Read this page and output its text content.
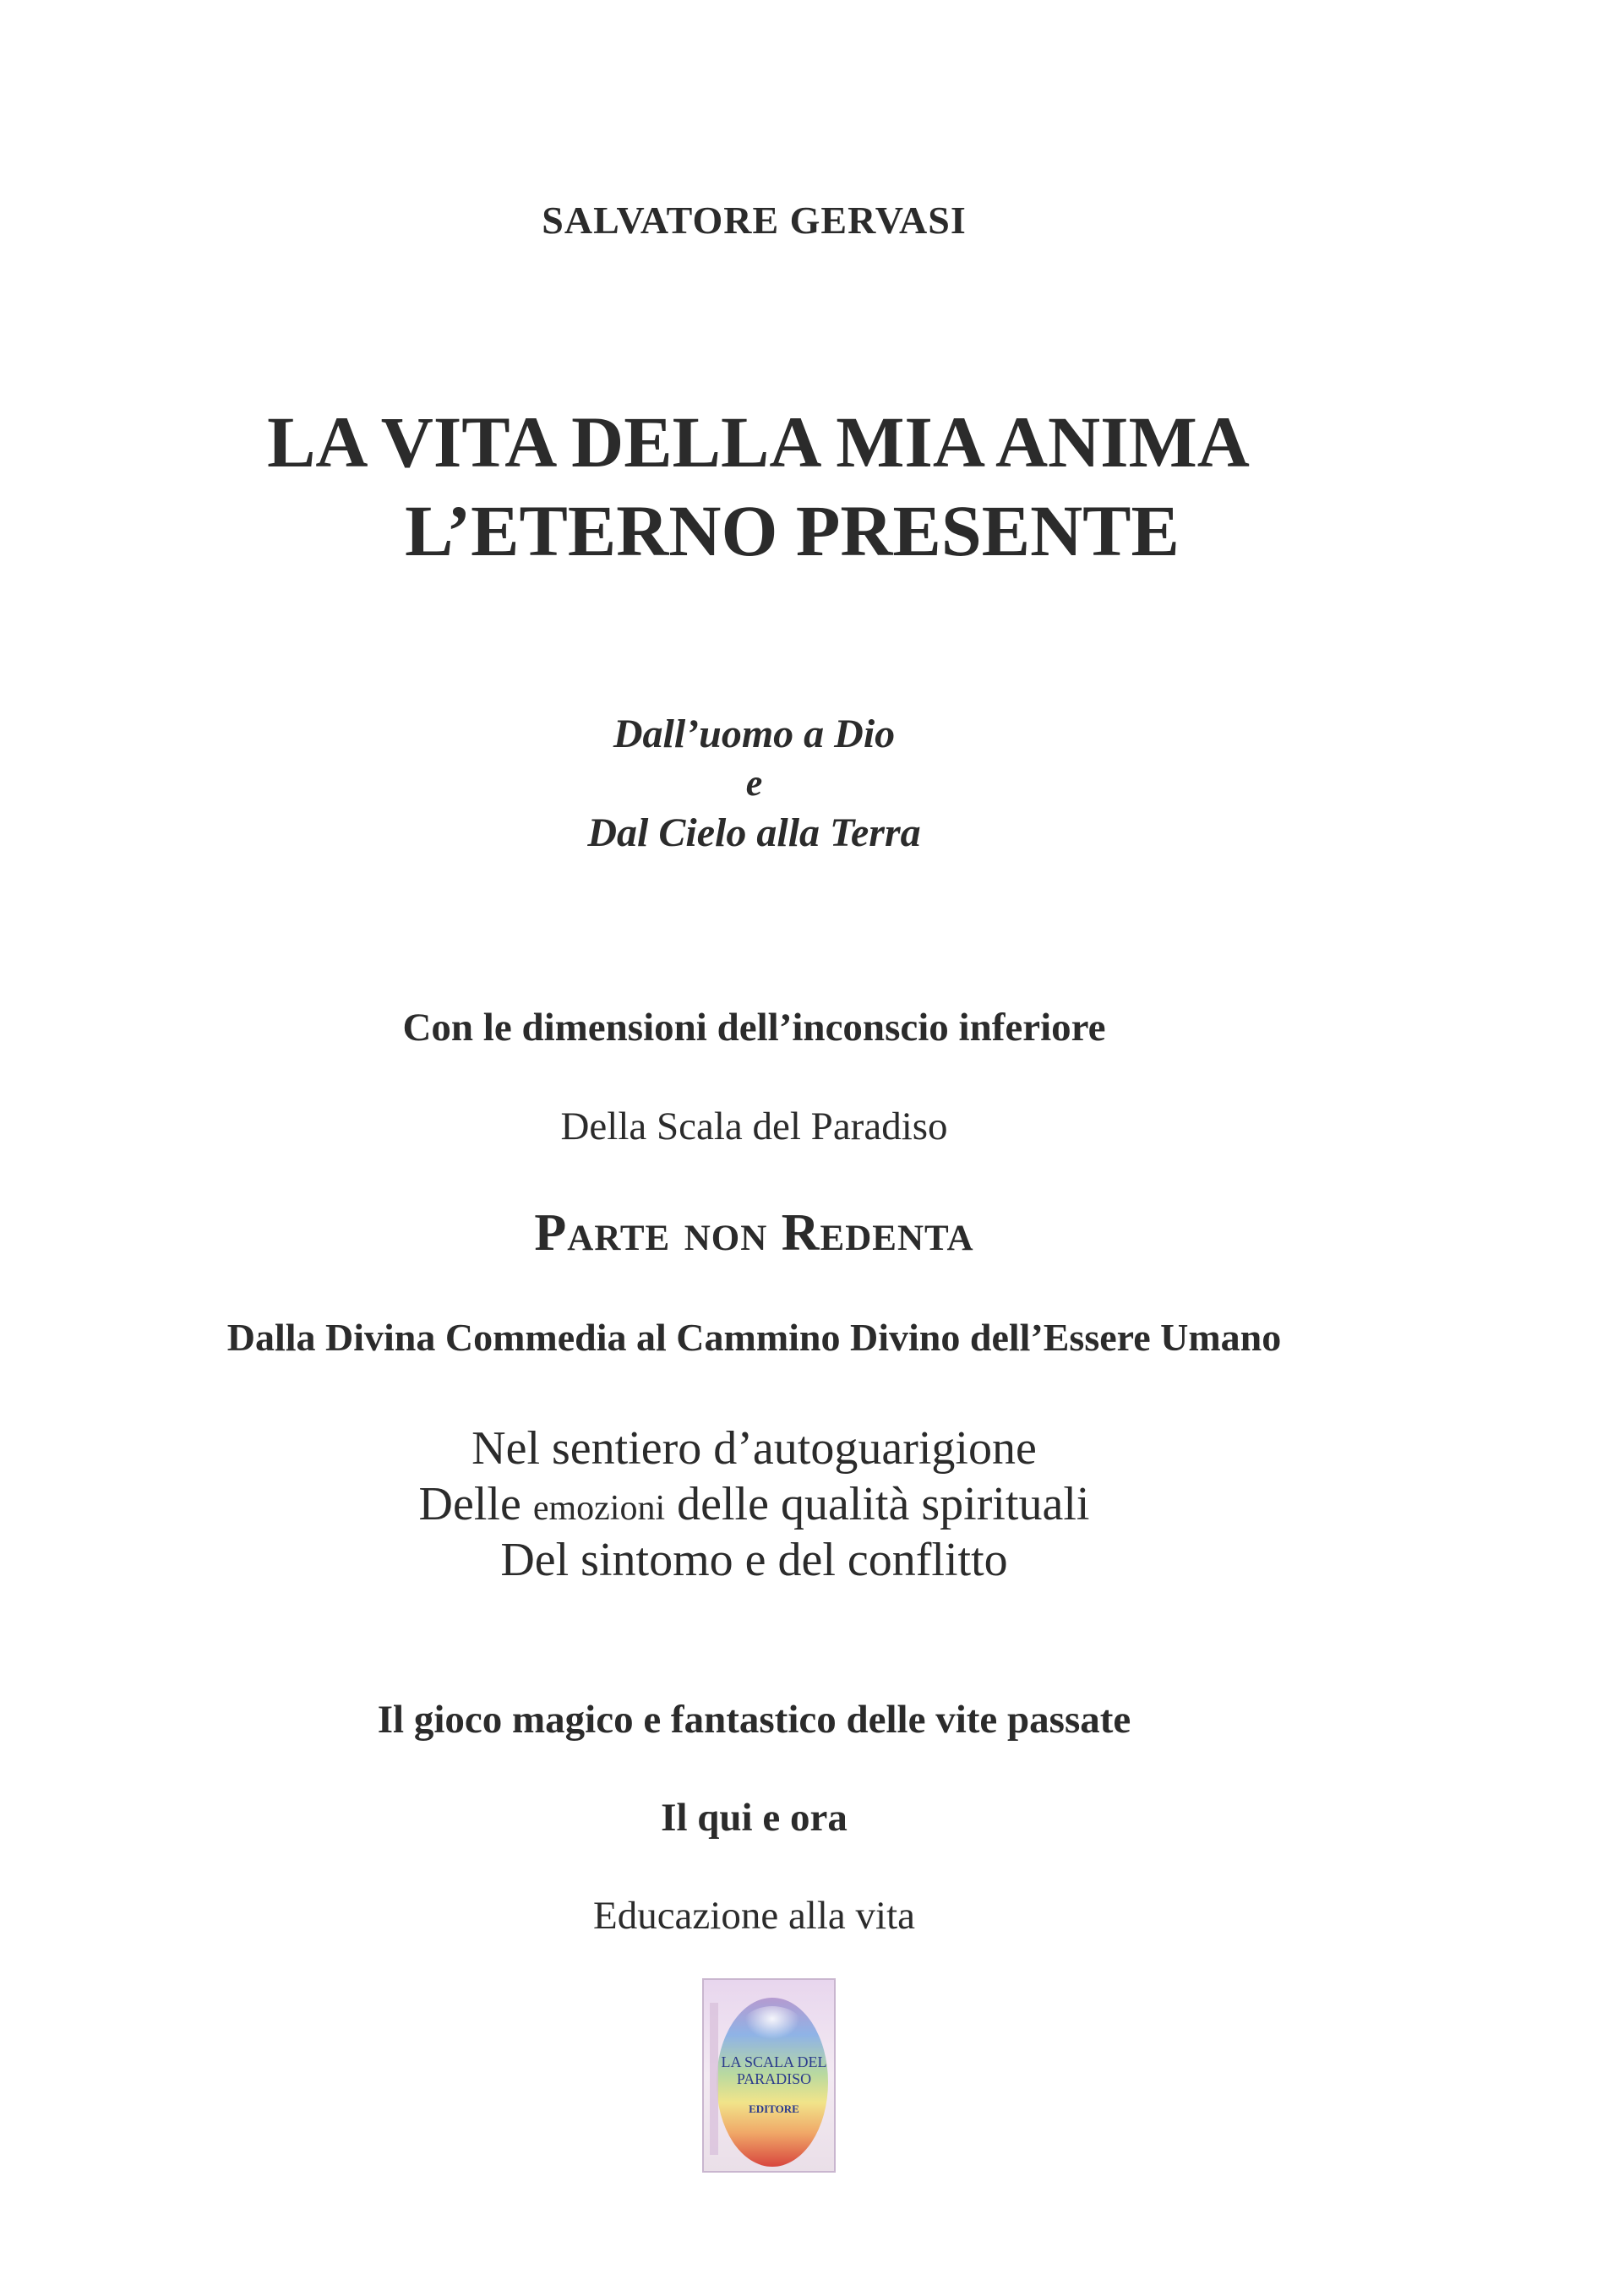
SALVATORE GERVASI
LA VITA DELLA MIA ANIMA
L’ETERNO PRESENTE
Dall’uomo a Dio
e
Dal Cielo alla Terra
Con le dimensioni dell’inconscio inferiore
Della Scala del Paradiso
Parte non Redenta
Dalla Divina Commedia al Cammino Divino dell’Essere Umano
Nel sentiero d’autoguarigione
Delle emozioni delle qualità spirituali
Del sintomo e del conflitto
Il gioco magico e fantastico delle vite passate
Il qui e ora
Educazione alla vita
LA SCALA DEL
PARADISO
EDITORE
